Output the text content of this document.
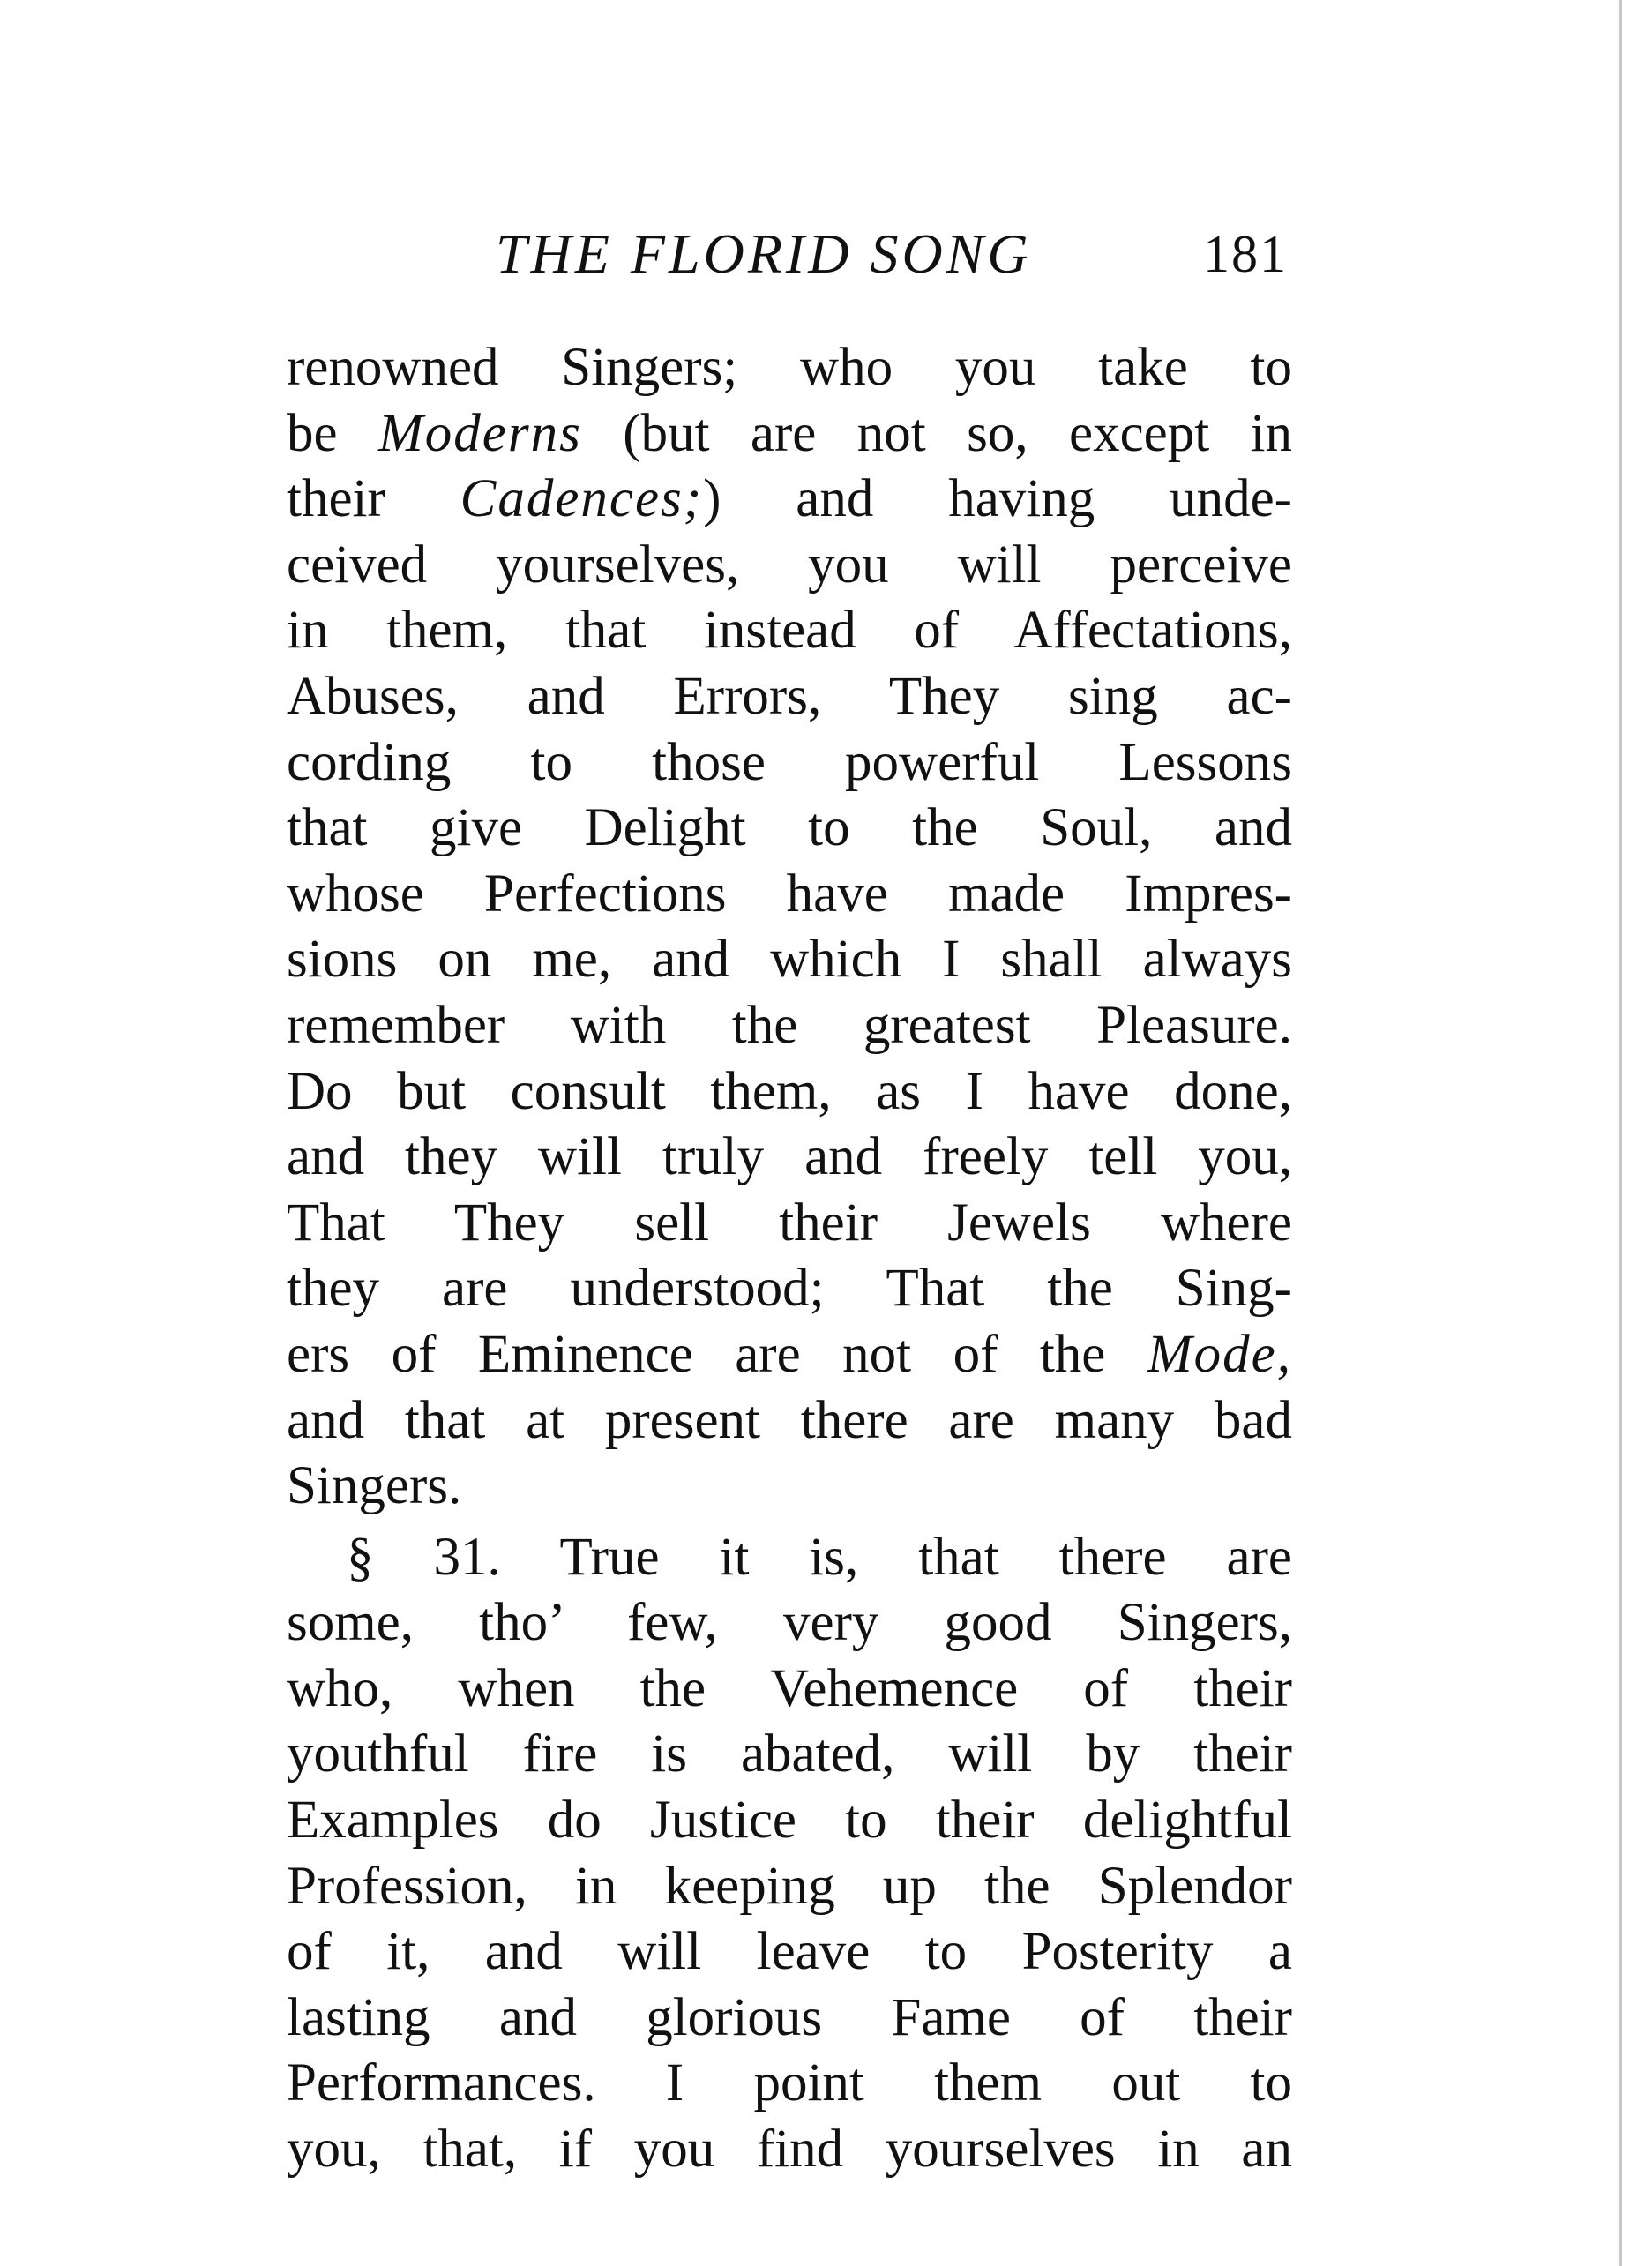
THE FLORID SONG	181
renowned Singers; who you take to
be Moderns (but are not so, except in
their Cadences;) and having unde-
ceived yourselves, you will perceive
in them, that instead of Affectations,
Abuses, and Errors, They sing ac-
cording to those powerful Lessons
that give Delight to the Soul, and
whose Perfections have made Impres-
sions on me, and which I shall always
remember with the greatest Pleasure.
Do but consult them, as I have done,
and they will truly and freely tell you,
That They sell their Jewels where
they are understood; That the Sing-
ers of Eminence are not of the Mode,
and that at present there are many bad
Singers.
§ 31. True it is, that there are
some, tho’ few, very good Singers,
who, when the Vehemence of their
youthful fire is abated, will by their
Examples do Justice to their delightful
Profession, in keeping up the Splendor
of it, and will leave to Posterity a
lasting and glorious Fame of their
Performances. I point them out to
you, that, if you find yourselves in an
